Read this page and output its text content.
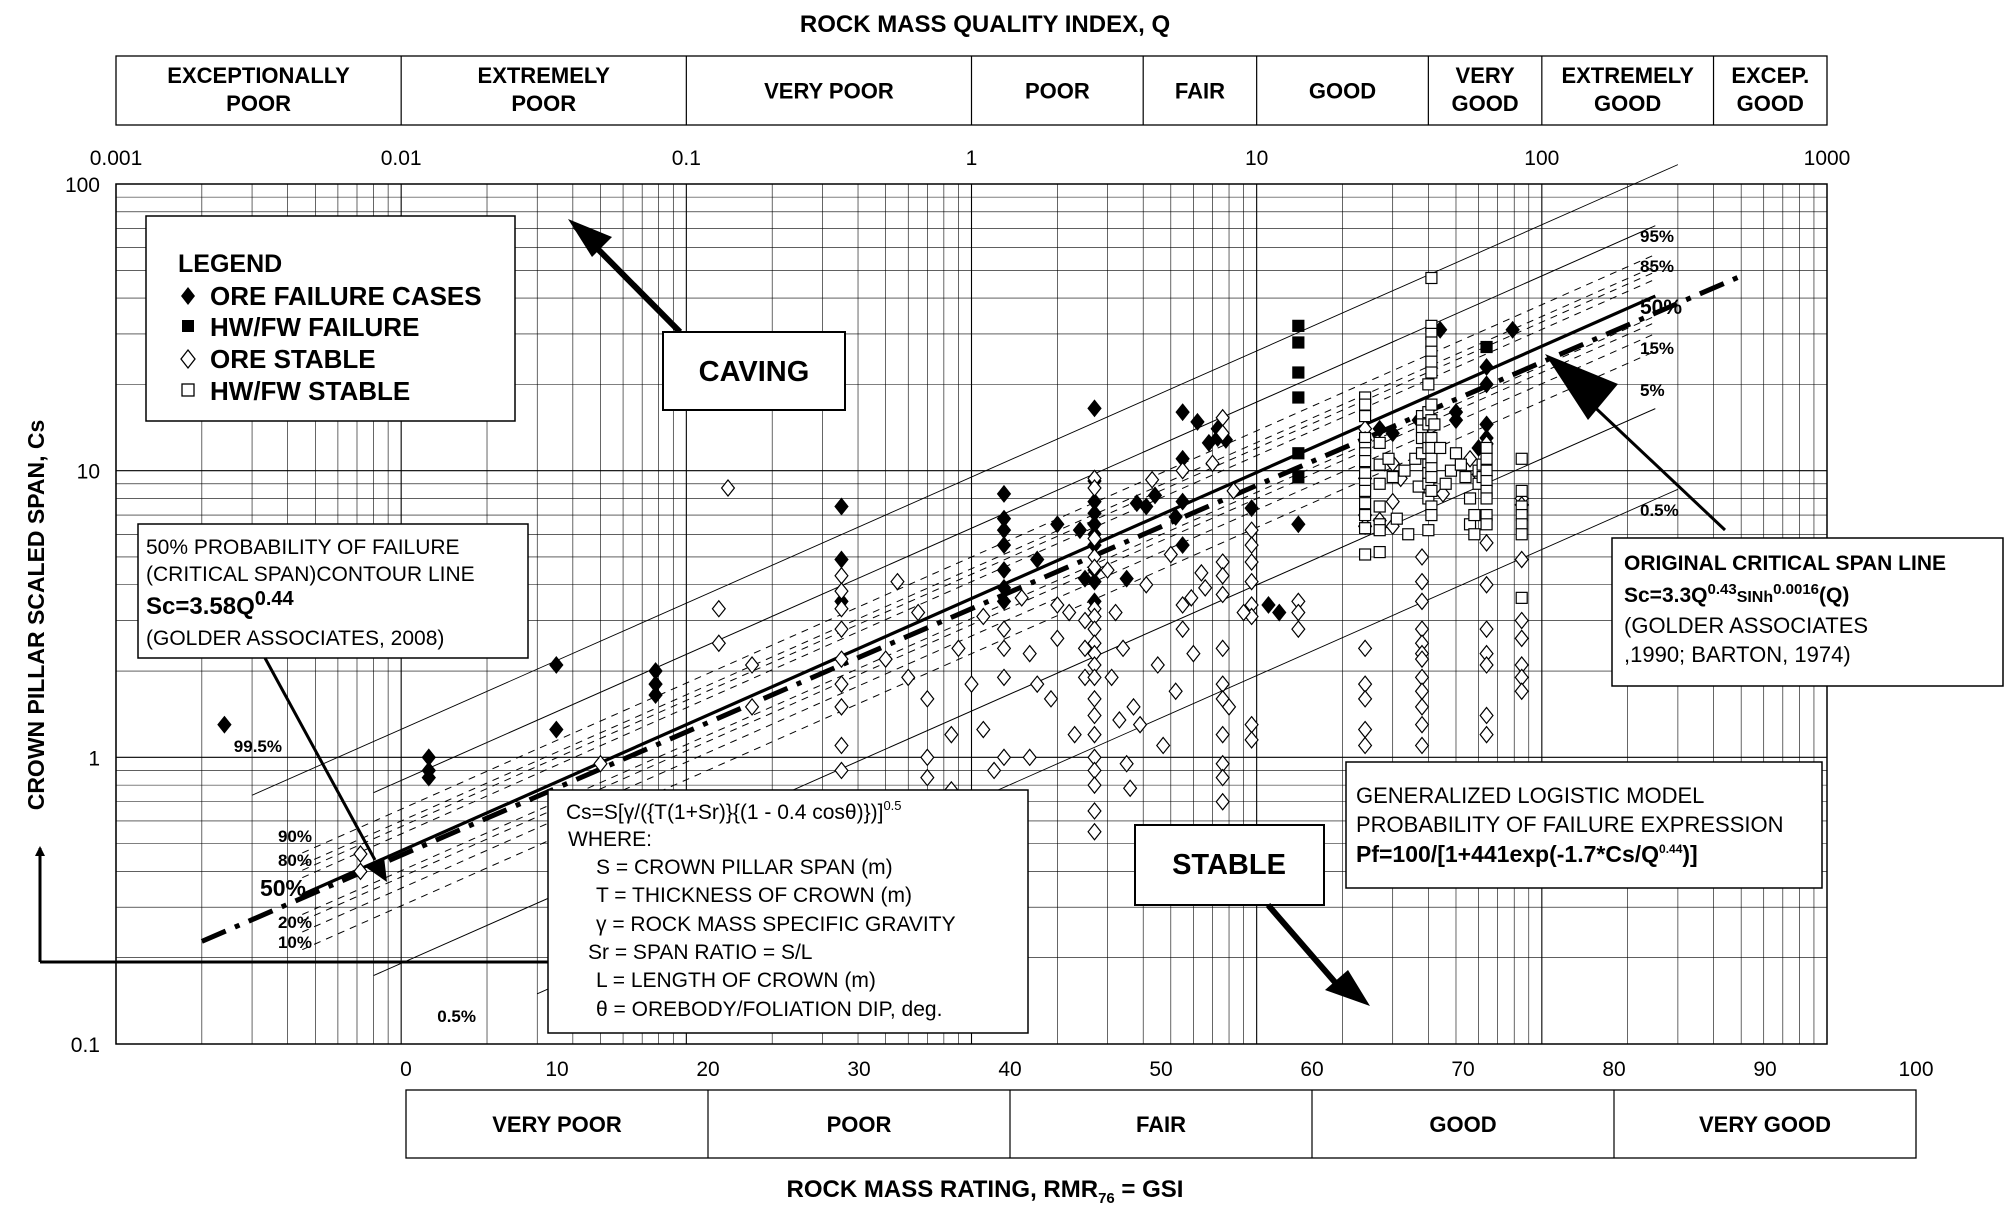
ROCK MASS QUALITY INDEX, Q
EXCEPTIONALLY POOR
EXTREMELY POOR	VERY POOR	POOR	FAIR	GOOD
VERY GOOD
EXTREMELY GOOD
EXCEP. GOOD
0.001	0.01	0.1	1	10	100	1000
0.1
1
10
100
CROWN PILLAR SCALED SPAN, Cs
0	10	20	30	40	50	60	70	80	90	100
VERY POOR	POOR	FAIR	GOOD	VERY GOOD
ROCK MASS RATING, $RMR_{76}$ = GSI
99.5%
90%
80%
50%
20%
10%
0.5%
95%
85%
50%
15%
5%
0.5%
LEGEND
ORE FAILURE CASES
HW/FW FAILURE
ORE STABLE
HW/FW STABLE
CAVING
STABLE
50% PROBABILITY OF FAILURE
(CRITICAL SPAN)CONTOUR LINE
$Sc=3.58Q^{0.44}$
(GOLDER ASSOCIATES, 2008)
Cs=S[γ/({T(1+Sr)}{(1 - 0.4 cosθ)})]$^{0.5}$
WHERE:
S = CROWN PILLAR SPAN (m)
T = THICKNESS OF CROWN (m)
γ = ROCK MASS SPECIFIC GRAVITY
Sr = SPAN RATIO = S/L
L = LENGTH OF CROWN (m)
θ = OREBODY/FOLIATION DIP, deg.
GENERALIZED LOGISTIC MODEL
PROBABILITY OF FAILURE EXPRESSION
$Pf=100/[1+441\exp(-1.7*Cs/Q^{0.44})]$
ORIGINAL CRITICAL SPAN LINE
$Sc=3.3Q^{0.43}_{SINh}^{0.0016}(Q)$
(GOLDER ASSOCIATES
,1990; BARTON, 1974)
